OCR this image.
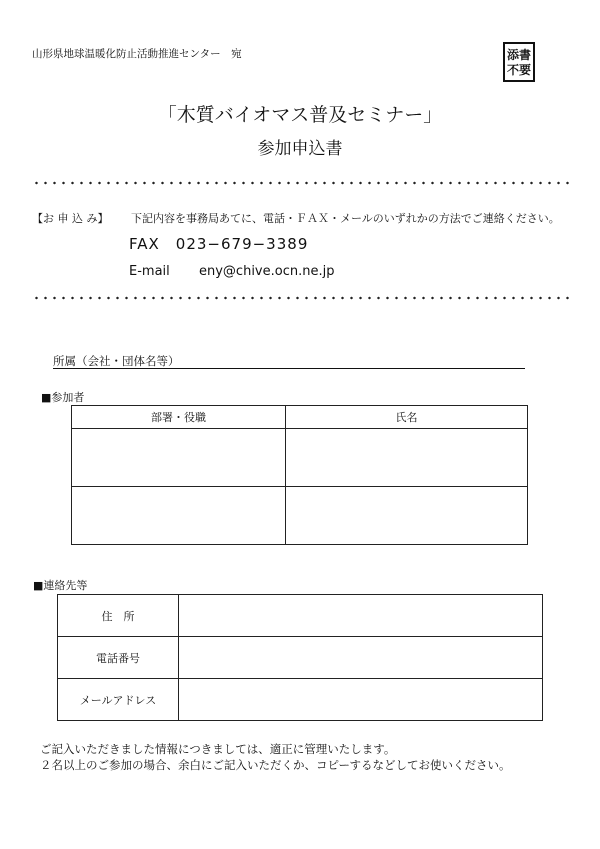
山形県地球温暖化防止活動推進センター　宛	添書
不要
「木質バイオマス普及セミナー」
参加申込書
【お 申 込 み】 下記内容を事務局あてに、電話・ＦＡＸ・メールのいずれかの方法でご連絡ください。
FAX　023−679−3389
E-mail eny@chive.ocn.ne.jp
所属（会社・団体名等）
■参加者
部署・役職	氏名

■連絡先等
住　所	
電話番号	
メールアドレス	
ご記入いただきました情報につきましては、適正に管理いたします。
２名以上のご参加の場合、余白にご記入いただくか、コピーするなどしてお使いください。
